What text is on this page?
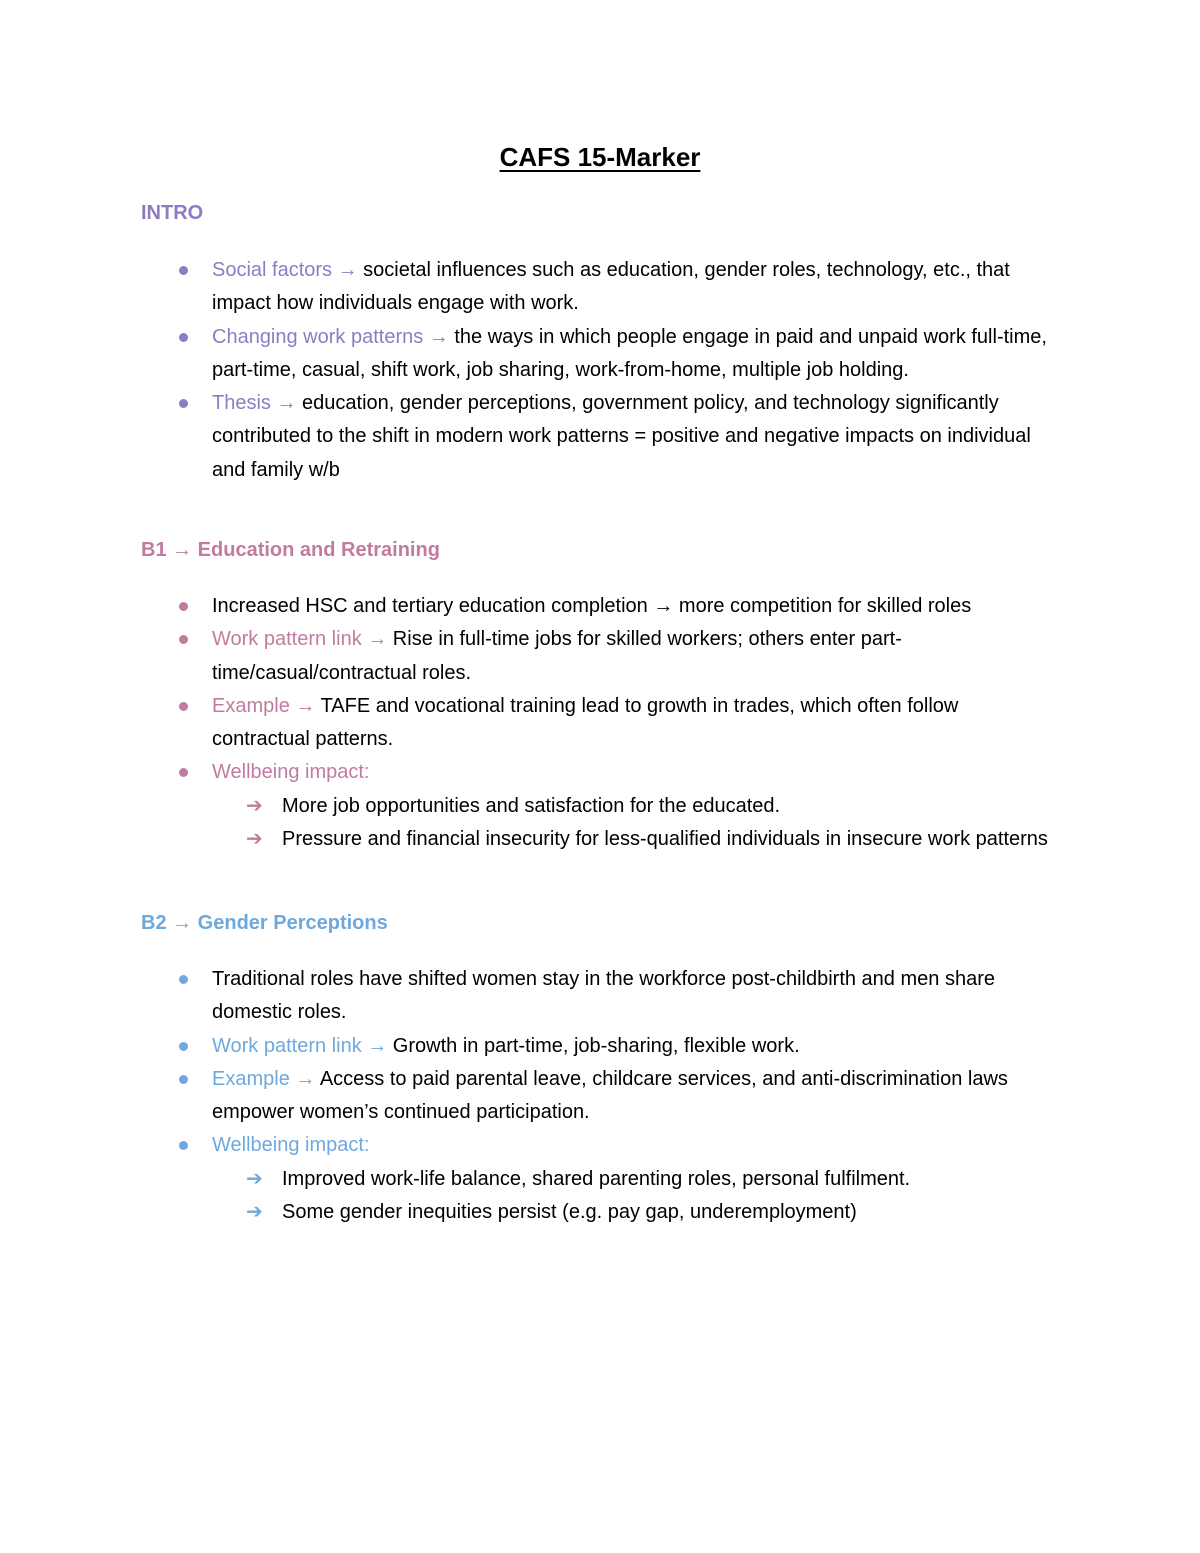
CAFS 15-Marker
INTRO
Social factors → societal influences such as education, gender roles, technology, etc., that impact how individuals engage with work.
Changing work patterns → the ways in which people engage in paid and unpaid work full-time, part-time, casual, shift work, job sharing, work-from-home, multiple job holding.
Thesis → education, gender perceptions, government policy, and technology significantly contributed to the shift in modern work patterns = positive and negative impacts on individual and family w/b
B1 → Education and Retraining
Increased HSC and tertiary education completion → more competition for skilled roles
Work pattern link → Rise in full-time jobs for skilled workers; others enter part-time/casual/contractual roles.
Example → TAFE and vocational training lead to growth in trades, which often follow contractual patterns.
Wellbeing impact:
➔ More job opportunities and satisfaction for the educated.
➔ Pressure and financial insecurity for less-qualified individuals in insecure work patterns
B2 → Gender Perceptions
Traditional roles have shifted women stay in the workforce post-childbirth and men share domestic roles.
Work pattern link → Growth in part-time, job-sharing, flexible work.
Example → Access to paid parental leave, childcare services, and anti-discrimination laws empower women’s continued participation.
Wellbeing impact:
➔ Improved work-life balance, shared parenting roles, personal fulfilment.
➔ Some gender inequities persist (e.g. pay gap, underemployment)
